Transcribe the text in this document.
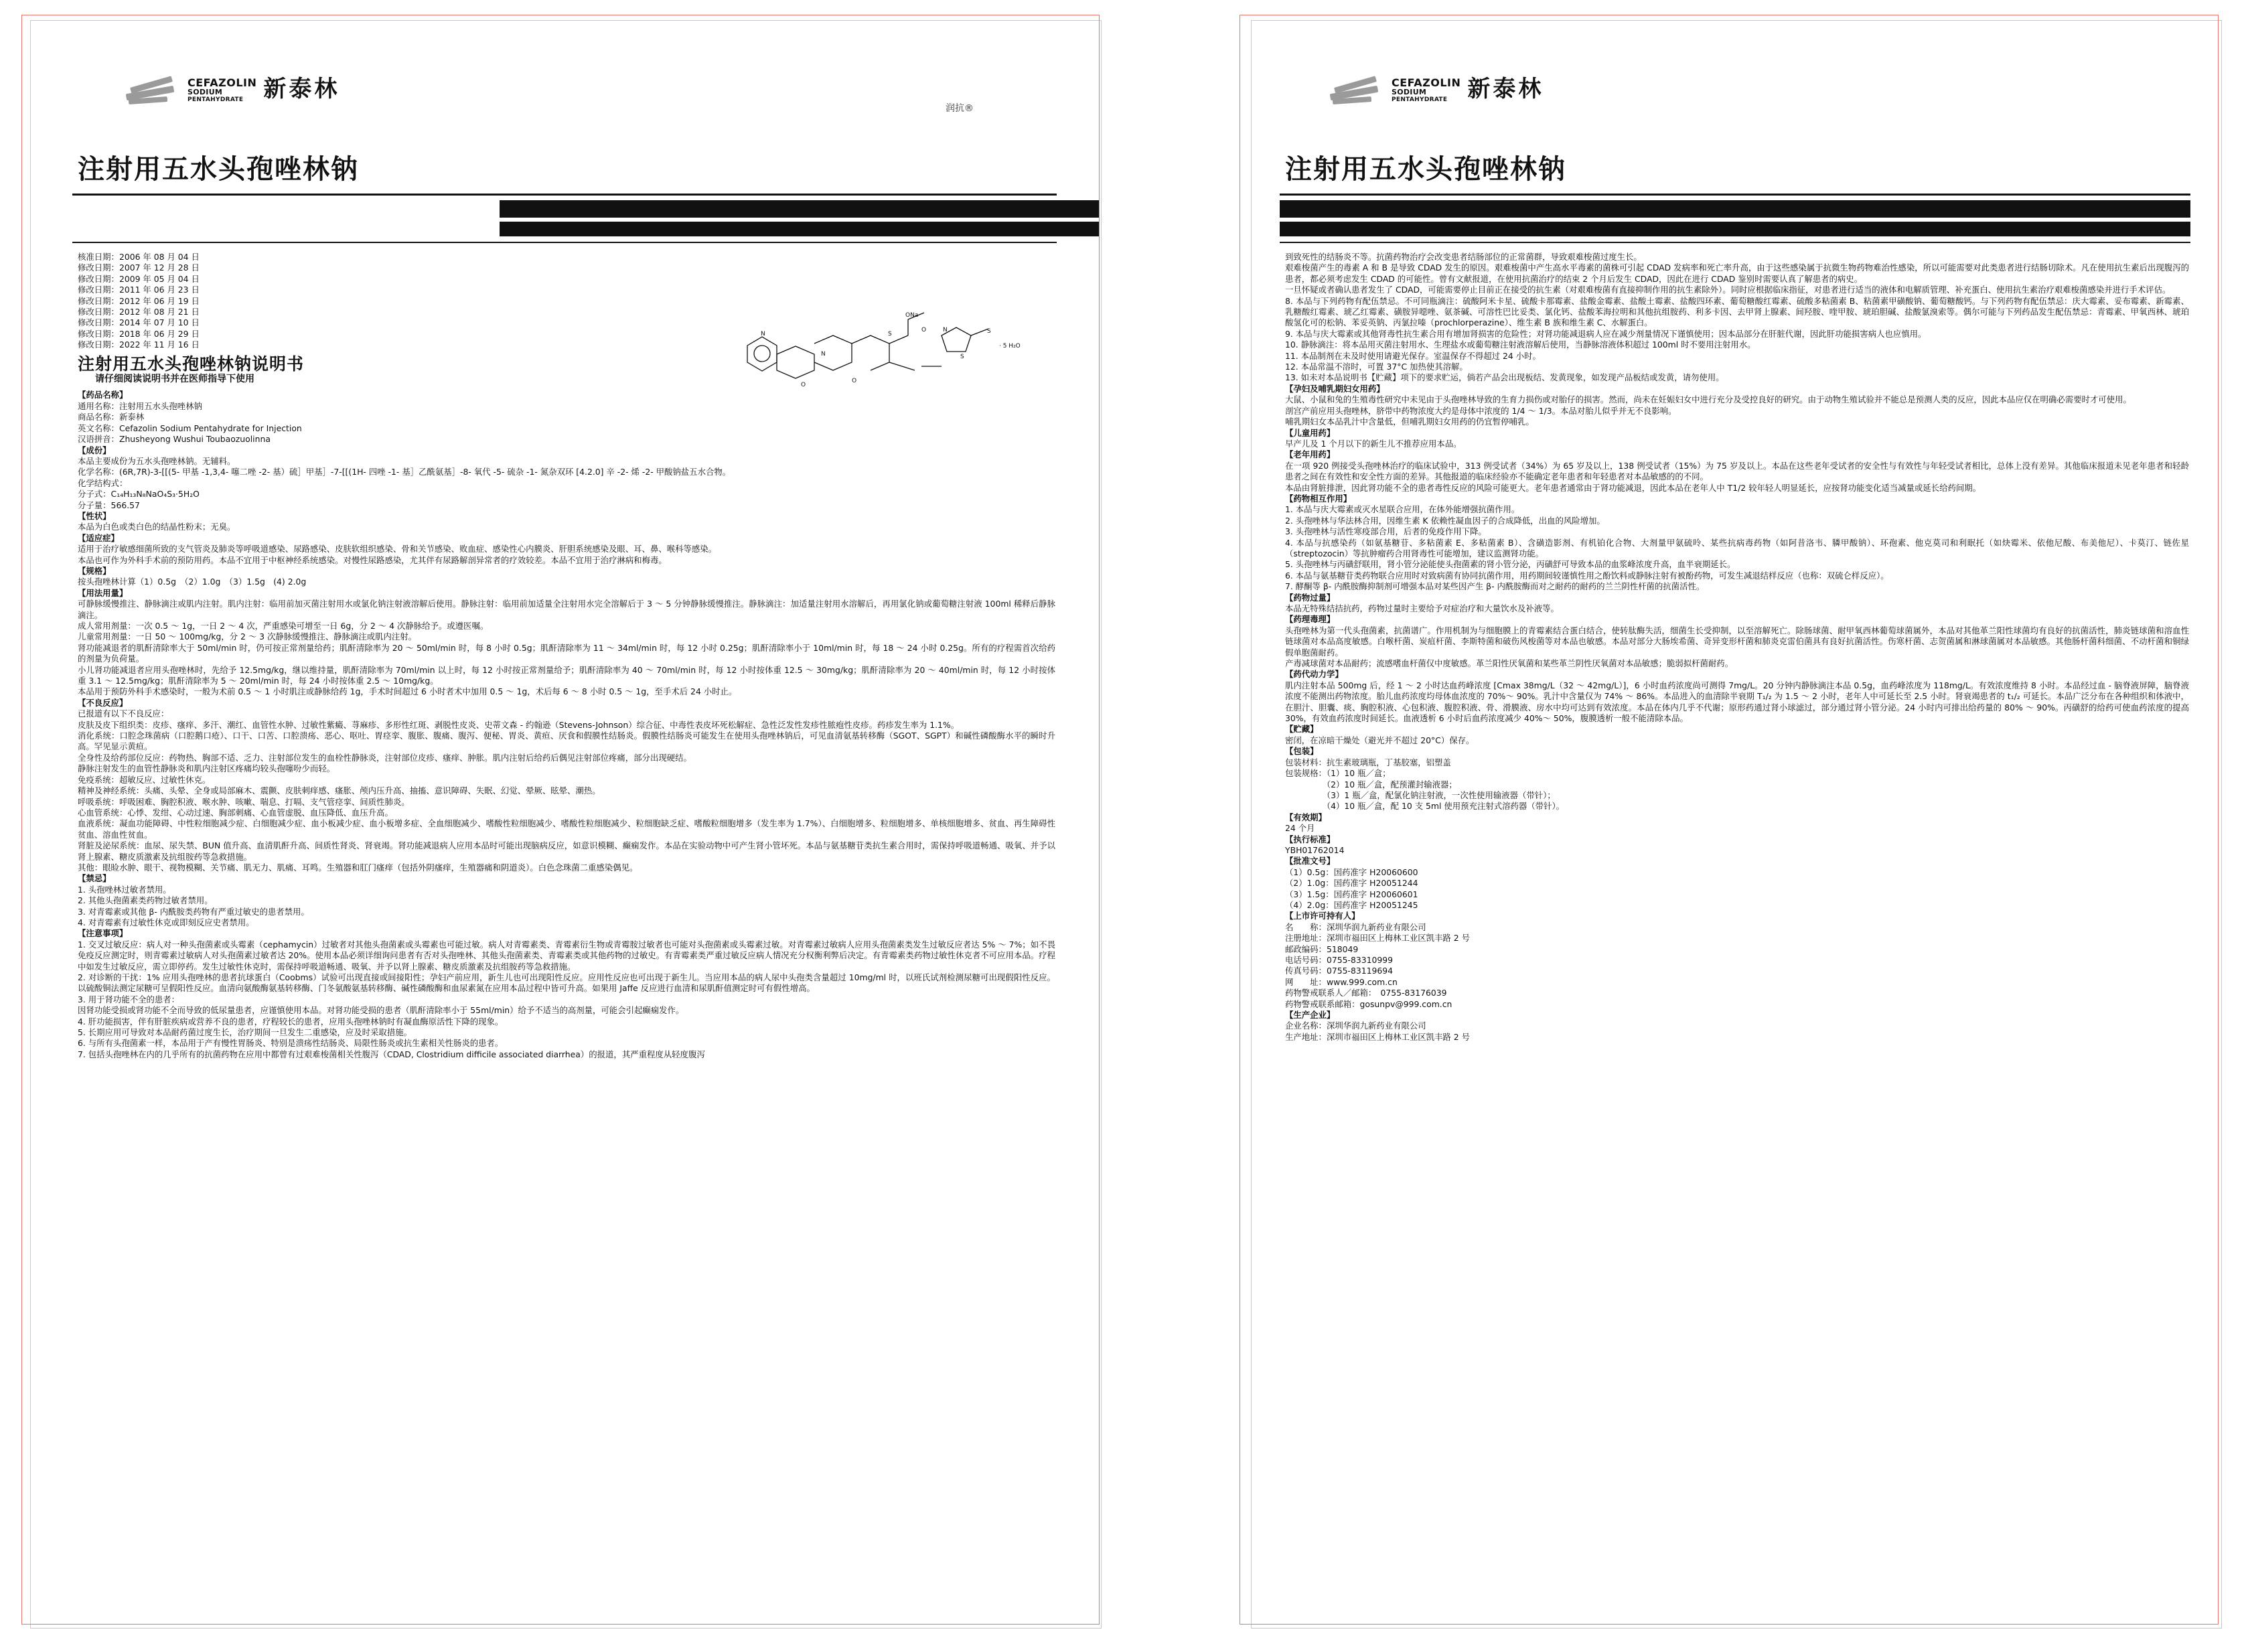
CEFAZOLIN
SODIUM
PENTAHYDRATE 新泰林
润抗®
注射用五水头孢唑林钠

核准日期：2006 年 08 月 04 日

修改日期：2007 年 12 月 28 日

修改日期：2009 年 05 月 04 日

修改日期：2011 年 06 月 23 日

修改日期：2012 年 06 月 19 日

修改日期：2012 年 08 月 21 日

修改日期：2014 年 07 月 10 日

修改日期：2018 年 06 月 29 日

修改日期：2022 年 11 月 16 日

注射用五水头孢唑林钠说明书
请仔细阅读说明书并在医师指导下使用

【药品名称】

通用名称：注射用五水头孢唑林钠

商品名称：新泰林

英文名称：Cefazolin Sodium Pentahydrate for Injection

汉语拼音：Zhusheyong Wushui Toubaozuolinna

【成份】

本品主要成份为五水头孢唑林钠。无辅料。

化学名称：(6R,7R)-3-[[(5- 甲基 -1,3,4- 噻二唑 -2- 基）硫］甲基］-7-[[(1H- 四唑 -1- 基］乙酰氨基］-8- 氧代 -5- 硫杂 -1- 氮杂双环 [4.2.0] 辛 -2- 烯 -2- 甲酸钠盐五水合物。

化学结构式：

分子式：C₁₄H₁₃N₈NaO₄S₃·5H₂O

分子量：566.57

【性状】

本品为白色或类白色的结晶性粉末；无臭。

【适应症】

适用于治疗敏感细菌所致的支气管炎及肺炎等呼吸道感染、尿路感染、皮肤软组织感染、骨和关节感染、败血症、感染性心内膜炎、肝胆系统感染及眼、耳、鼻、喉科等感染。

本品也可作为外科手术前的预防用药。本品不宜用于中枢神经系统感染。对慢性尿路感染，尤其伴有尿路解剖异常者的疗效较差。本品不宜用于治疗淋病和梅毒。

【规格】

按头孢唑林计算（1）0.5g　（2）1.0g　（3）1.5g　(4) 2.0g

【用法用量】

可静脉缓慢推注、静脉滴注或肌内注射。肌内注射：临用前加灭菌注射用水或氯化钠注射液溶解后使用。静脉注射：临用前加适量全注射用水完全溶解后于 3 ～ 5 分钟静脉缓慢推注。静脉滴注：加适量注射用水溶解后，再用氯化钠或葡萄糖注射液 100ml 稀释后静脉滴注。

成人常用剂量：一次 0.5 ～ 1g，一日 2 ～ 4 次，严重感染可增至一日 6g，分 2 ～ 4 次静脉给予。或遵医嘱。

儿童常用剂量：一日 50 ～ 100mg/kg，分 2 ～ 3 次静脉缓慢推注、静脉滴注或肌内注射。

肾功能减退者的肌酐清除率大于 50ml/min 时，仍可按正常剂量给药；肌酐清除率为 20 ～ 50ml/min 时，每 8 小时 0.5g；肌酐清除率为 11 ～ 34ml/min 时，每 12 小时 0.25g；肌酐清除率小于 10ml/min 时，每 18 ～ 24 小时 0.25g。所有的疗程需首次给药的剂量为负荷量。

小儿肾功能减退者应用头孢唑林时，先给予 12.5mg/kg，继以维持量，肌酐清除率为 70ml/min 以上时，每 12 小时按正常剂量给予；肌酐清除率为 40 ～ 70ml/min 时，每 12 小时按体重 12.5 ～ 30mg/kg；肌酐清除率为 20 ～ 40ml/min 时，每 12 小时按体重 3.1 ～ 12.5mg/kg；肌酐清除率为 5 ～ 20ml/min 时，每 24 小时按体重 2.5 ～ 10mg/kg。

本品用于预防外科手术感染时，一般为术前 0.5 ～ 1 小时肌注或静脉给药 1g，手术时间超过 6 小时者术中加用 0.5 ～ 1g，术后每 6 ～ 8 小时 0.5 ～ 1g，至手术后 24 小时止。

【不良反应】

已报道有以下不良反应：

皮肤及皮下组织类：皮疹、瘙痒、多汗、潮红、血管性水肿、过敏性紫癜、荨麻疹、多形性红斑、剥脱性皮炎、史蒂文森 - 约翰逊（Stevens-Johnson）综合征、中毒性表皮坏死松解症、急性泛发性发疹性脓疱性皮疹。药疹发生率为 1.1%。

消化系统：口腔念珠菌病（口腔鹅口疮）、口干、口苦、口腔溃疡、恶心、呕吐、胃痉挛、腹胀、腹痛、腹泻、便秘、胃炎、黄疸、厌食和假膜性结肠炎。假膜性结肠炎可能发生在使用头孢唑林钠后，可见血清氨基转移酶（SGOT、SGPT）和碱性磷酸酶水平的瞬时升高。罕见显示黄疸。

全身性及给药部位反应：药物热、胸部不适、乏力、注射部位发生的血栓性静脉炎，注射部位皮疹、瘙痒、肿胀。肌内注射后给药后偶见注射部位疼痛，部分出现硬结。

静脉注射发生的血管性静脉炎和肌内注射区疼痛均较头孢噻吩少而轻。

免疫系统：超敏反应、过敏性休克。

精神及神经系统：头痛、头晕、全身或局部麻木、震颤、皮肤刺痒感、瘙胀、颅内压升高、抽搐、意识障碍、失眠、幻觉、晕厥、眩晕、潮热。

呼吸系统：呼吸困难、胸腔积液、喉水肿、咳嗽、喘息、打嗝、支气管痉挛、间质性肺炎。

心血管系统：心悸、发绀、心动过速、胸部刺痛、心血管虚脱、血压降低、血压升高。

血液系统：凝血功能障碍、中性粒细胞减少症、白细胞减少症、血小板减少症、血小板增多症、全血细胞减少、嗜酸性粒细胞减少、嗜酸性粒细胞减少、粒细胞缺乏症、嗜酸粒细胞增多（发生率为 1.7%）、白细胞增多、粒细胞增多、单核细胞增多、贫血、再生障碍性贫血、溶血性贫血。

肾脏及泌尿系统：血尿、尿失禁、BUN 值升高、血清肌酐升高、间质性肾炎、肾衰竭。肾功能减退病人应用本品时可能出现脑病反应，如意识模糊、癫痫发作。本品在实验动物中可产生肾小管坏死。本品与氨基糖苷类抗生素合用时，需保持呼吸道畅通、吸氧、并予以肾上腺素、糖皮质激素及抗组胺药等急救措施。

其他：眼睑水肿、眼干、视物模糊、关节痛、肌无力、肌痛、耳鸣。生殖器和肛门瘙痒（包括外阴瘙痒，生殖器痛和阴道炎）。白色念珠菌二重感染偶见。

【禁忌】

1. 头孢唑林过敏者禁用。

2. 其他头孢菌素类药物过敏者禁用。

3. 对青霉素或其他 β- 内酰胺类药物有严重过敏史的患者禁用。

4. 对青霉素有过敏性休克或即刻反应史者禁用。

【注意事项】

1. 交叉过敏反应：病人对一种头孢菌素或头霉素（cephamycin）过敏者对其他头孢菌素或头霉素也可能过敏。病人对青霉素类、青霉素衍生物或青霉胺过敏者也可能对头孢菌素或头霉素过敏。对青霉素过敏病人应用头孢菌素类发生过敏反应者达 5% ～ 7%；如不畏免疫反应测定时，则青霉素过敏病人对头孢菌素过敏者达 20%。使用本品必须详细询问患者有否对头孢唑林、其他头孢菌素类、青霉素类或其他药物的过敏史。有青霉素类严重过敏反应病人情况充分权衡利弊后决定。有青霉素类药物过敏性休克者不可应用本品。疗程中如发生过敏反应，需立即停药。发生过敏性休克时，需保持呼吸道畅通、吸氧、并予以肾上腺素、糖皮质激素及抗组胺药等急救措施。

2. 对诊断的干扰：1% 应用头孢唑林的患者抗球蛋白（Coobms）试验可出现直接或间接阳性；孕妇产前应用，新生儿也可出现阳性反应。应用性反应也可出现于新生儿。当应用本品的病人尿中头孢类含量超过 10mg/ml 时，以班氏试剂检测尿糖可出现假阳性反应。以硫酸铜法测定尿糖可呈假阳性反应。血清向氨酸酶氨基转移酶、门冬氨酸氨基转移酶、碱性磷酸酶和血尿素氮在应用本品过程中皆可升高。如果用 Jaffe 反应进行血清和尿肌酐值测定时可有假性增高。

3. 用于肾功能不全的患者：

因肾功能受损或肾功能不全而导致的低尿量患者，应谨慎使用本品。对肾功能受损的患者（肌酐清除率小于 55ml/min）给予不适当的高剂量，可能会引起癫痫发作。

4. 肝功能损害，伴有肝脏疾病或营养不良的患者，疗程较长的患者，应用头孢唑林钠时有凝血酶原活性下降的现象。

5. 长期应用可导致对本品耐药菌过度生长，治疗期间一旦发生二重感染，应及时采取措施。

6. 与所有头孢菌素一样，本品用于产有慢性胃肠炎、特别是溃疡性结肠炎、局限性肠炎或抗生素相关性肠炎的患者。

7. 包括头孢唑林在内的几乎所有的抗菌药物在应用中都曾有过艰难梭菌相关性腹泻（CDAD, Clostridium difficile associated diarrhea）的报道，其严重程度从轻度腹泻

ONa
O
O
O
N
N
N
S
S
· 5 H₂O
S
CEFAZOLIN
SODIUM
PENTAHYDRATE 新泰林
注射用五水头孢唑林钠

到致死性的结肠炎不等。抗菌药物治疗会改变患者结肠部位的正常菌群，导致艰难梭菌过度生长。

艰难梭菌产生的毒素 A 和 B 是导致 CDAD 发生的原因。艰难梭菌中产生高水平毒素的菌株可引起 CDAD 发病率和死亡率升高，由于这些感染属于抗微生物药物难治性感染，所以可能需要对此类患者进行结肠切除术。凡在使用抗生素后出现腹泻的患者，都必须考虑发生 CDAD 的可能性。曾有文献报道，在使用抗菌治疗的结束 2 个月后发生 CDAD，因此在进行 CDAD 鉴别时需要认真了解患者的病史。

一旦怀疑或者确认患者发生了 CDAD，可能需要停止目前正在接受的抗生素（对艰难梭菌有直接抑制作用的抗生素除外）。同时应根据临床指征，对患者进行适当的液体和电解质管理、补充蛋白、使用抗生素治疗艰难梭菌感染并进行手术评估。

8. 本品与下列药物有配伍禁忌。不可同瓶滴注：硫酸阿米卡星、硫酸卡那霉素、盐酸金霉素、盐酸土霉素、盐酸四环素、葡萄糖酸红霉素、硫酸多粘菌素 B、粘菌素甲磺酸钠、葡萄糖酸钙。与下列药物有配伍禁忌：庆大霉素、妥布霉素、新霉素、乳糖酸红霉素、琥乙红霉素、磺胺异噁唑、氨茶碱、可溶性巴比妥类、氯化钙、盐酸苯海拉明和其他抗组胺药、利多卡因、去甲肾上腺素、间羟胺、喹甲胺、琥珀胆碱、盐酸氯溴索等。偶尔可能与下列药品发生配伍禁忌：青霉素、甲氧西林、琥珀酸氢化可的松钠、苯妥英钠、丙氯拉嗪（prochlorperazine）、维生素 B 族和维生素 C、水解蛋白。

9. 本品与庆大霉素或其他肾毒性抗生素合用有增加肾损害的危险性；对肾功能减退病人应在减少剂量情况下谨慎使用；因本品部分在肝脏代谢，因此肝功能损害病人也应慎用。

10. 静脉滴注：将本品用灭菌注射用水、生理盐水或葡萄糖注射液溶解后使用，当静脉溶液体积超过 100ml 时不要用注射用水。

11. 本品制剂在未及时使用请避光保存。室温保存不得超过 24 小时。

12. 本品常温不溶时，可置 37°C 加热使其溶解。

13. 如未对本品说明书【贮藏】项下的要求贮运，倘若产品会出现板结、发黄现象，如发现产品板结或发黄，请勿使用。

【孕妇及哺乳期妇女用药】

大鼠、小鼠和兔的生殖毒性研究中未见由于头孢唑林导致的生育力损伤或对胎仔的损害。然而，尚未在妊娠妇女中进行充分及受控良好的研究。由于动物生殖试验并不能总是预测人类的反应，因此本品应仅在明确必需要时才可使用。

剖宫产前应用头孢唑林，脐带中药物浓度大约是母体中浓度的 1/4 ～ 1/3。本品对胎儿似乎并无不良影响。

哺乳期妇女本品乳汁中含量低，但哺乳期妇女用药的仍宜暂停哺乳。

【儿童用药】

早产儿及 1 个月以下的新生儿不推荐应用本品。

【老年用药】

在一项 920 例接受头孢唑林治疗的临床试验中，313 例受试者（34%）为 65 岁及以上，138 例受试者（15%）为 75 岁及以上。本品在这些老年受试者的安全性与有效性与年轻受试者相比，总体上没有差异。其他临床报道未见老年患者和轻龄患者之间在有效性和安全性方面的差异。其他报道的临床经验亦不能确定老年患者和年轻患者对本品敏感的的不同。

本品由肾脏排泄，因此肾功能不全的患者毒性反应的风险可能更大。老年患者通常由于肾功能减退，因此本品在老年人中 T1/2 较年轻人明显延长，应按肾功能变化适当减量或延长给药间期。

【药物相互作用】

1. 本品与庆大霉素或灭水星联合应用，在体外能增强抗菌作用。

2. 头孢唑林与华法林合用，因维生素 K 依赖性凝血因子的合成降低，出血的风险增加。

3. 头孢唑林与活性寒疫部合用，后者的免疫作用下降。

4. 本品与抗感染药（如氨基糖苷、多粘菌素 E、多粘菌素 B）、含磺造影剂、有机铂化合物、大剂量甲氨硫呤、某些抗病毒药物（如阿昔洛韦、膦甲酸钠）、环孢素、他克莫司和利眠托（如炔霉米、依他尼酸、布美他尼）、卡莫汀、链佐星（streptozocin）等抗肿瘤药合用肾毒性可能增加，建议监测肾功能。

5. 头孢唑林与丙磺舒联用，肾小管分泌能使头孢菌素的肾小管分泌，丙磺舒可导致本品的血浆峰浓度升高，血半衰期延长。

6. 本品与氨基糖苷类药物联合应用时对致病菌有协同抗菌作用，用药期间较谨慎性用之酚饮料或静脉注射有被酚药物，可发生减退结样反应（也称：双硫仑样反应）。

7. 酵酮等 β- 内酰胺酶抑制剂可增强本品对某些因产生 β- 内酰胺酶而对之耐药的耐药的兰兰阴性杆菌的抗菌活性。

【药物过量】

本品无特殊结拮抗药，药物过量时主要给予对症治疗和大量饮水及补液等。

【药理毒理】

头孢唑林为第一代头孢菌素，抗菌谱广。作用机制为与细胞膜上的青霉素结合蛋白结合，使转肽酶失活，细菌生长受抑制，以至溶解死亡。除肠球菌、耐甲氧西林葡萄球菌属外，本品对其他革兰阳性球菌均有良好的抗菌活性，肺炎链球菌和溶血性链球菌对本品高度敏感。白喉杆菌、炭疽杆菌、李斯特菌和破伤风梭菌等对本品也敏感。本品对部分大肠埃希菌、奇异变形杆菌和肺炎克雷伯菌具有良好抗菌活性。伤寒杆菌、志贺菌属和淋球菌属对本品敏感。其他肠杆菌科细菌、不动杆菌和铜绿假单胞菌耐药。

产毒减球菌对本品耐药；流感嗜血杆菌仅中度敏感。革兰阳性厌氧菌和某些革兰阴性厌氧菌对本品敏感；脆弱拟杆菌耐药。

【药代动力学】

肌内注射本品 500mg 后，经 1 ～ 2 小时达血药峰浓度 [Cmax 38mg/L（32 ～ 42mg/L）]，6 小时血药浓度尚可测得 7mg/L。20 分钟内静脉滴注本品 0.5g，血药峰浓度为 118mg/L。有效浓度维持 8 小时。本品经过血 - 脑脊液屏障，脑脊液浓度不能测出药物浓度。胎儿血药浓度均母体血浓度的 70%～ 90%。乳汁中含量仅为 74% ～ 86%。本品进入的血清除半衰期 T₁/₂ 为 1.5 ～ 2 小时，老年人中可延长至 2.5 小时。肾衰竭患者的 t₁/₂ 可延长。本品广泛分布在各种组织和体液中，在胆汁、胆囊、痰、胸腔积液、心包积液、腹腔积液、骨、滑膜液、房水中均可达到有效浓度。本品在体内几乎不代谢；原形药通过肾小球滤过，部分通过肾小管分泌。24 小时内可排出给药量的 80% ～ 90%。丙磺舒的给药可使血药浓度的提高 30%，有效血药浓度时间延长。血液透析 6 小时后血药浓度减少 40%～ 50%，腹膜透析一般不能清除本品。

【贮藏】

密闭，在凉暗干燥处（避光并不超过 20°C）保存。

【包装】

包装材料：抗生素玻璃瓶，丁基胶塞，铝塑盖

包装规格：（1）10 瓶／盒；

　　　　　（2）10 瓶／盒，配预灌封输液器；

　　　　　（3）1 瓶／盒，配氯化钠注射液，一次性使用输液器（带针）；

　　　　　（4）10 瓶／盒，配 10 支 5ml 使用预充注射式溶药器（带针）。

【有效期】

24 个月

【执行标准】

YBH01762014

【批准文号】

（1）0.5g：国药准字 H20060600

（2）1.0g：国药准字 H20051244

（3）1.5g：国药准字 H20060601

（4）2.0g：国药准字 H20051245

【上市许可持有人】

名　　称：深圳华润九新药业有限公司

注册地址：深圳市福田区上梅林工业区凯丰路 2 号

邮政编码：518049

电话号码：0755-83310999

传真号码：0755-83119694

网　　址：www.999.com.cn

药物警戒联系人／邮箱：　0755-83176039

药物警戒联系邮箱：gosunpv@999.com.cn

【生产企业】

企业名称：深圳华润九新药业有限公司

生产地址：深圳市福田区上梅林工业区凯丰路 2 号
